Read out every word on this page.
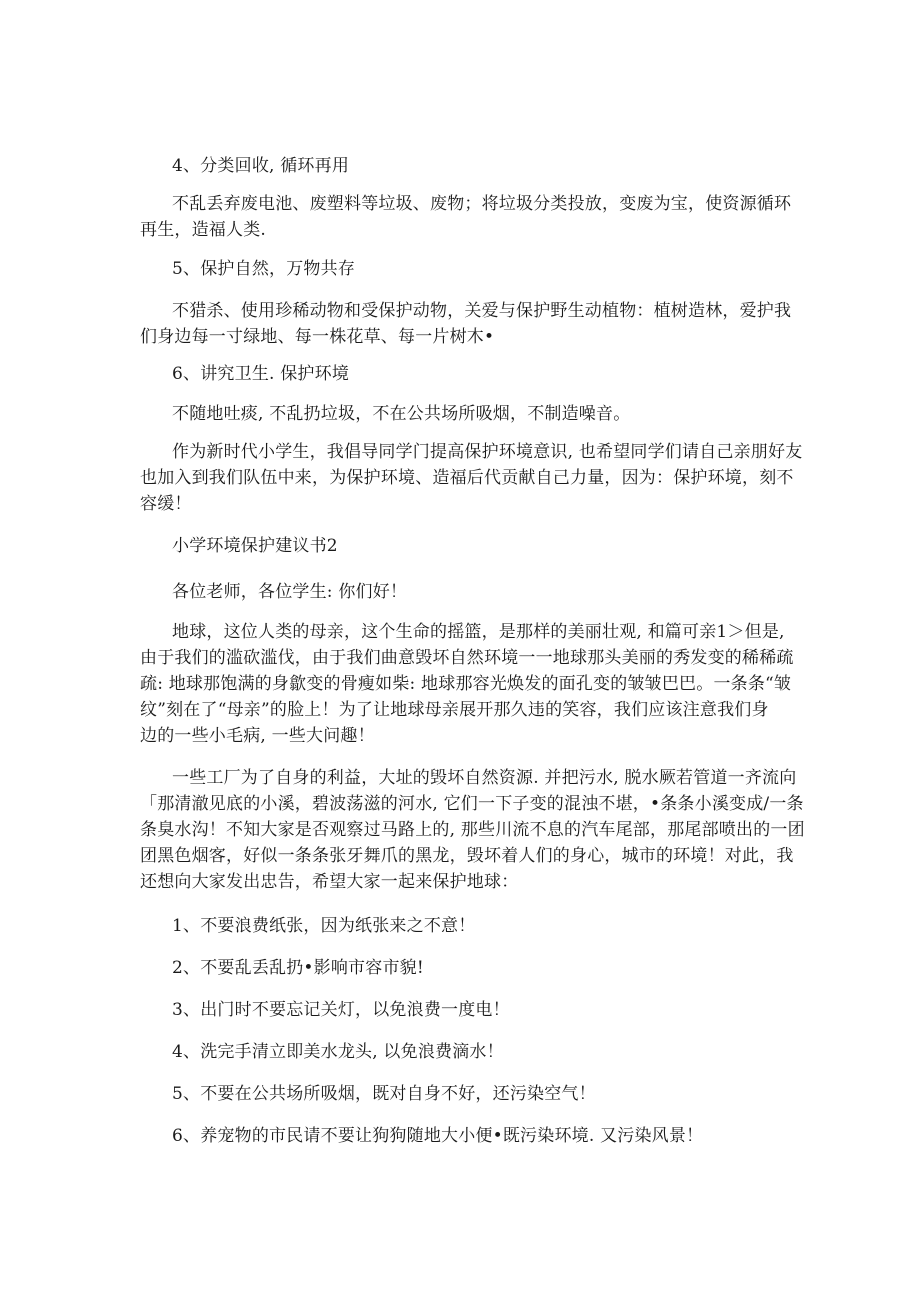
4、分类回收, 循环再用
不乱丢弃废电池、废塑料等垃圾、废物；将垃圾分类投放，变废为宝，使资源循环
再生，造福人类.
5、保护自然，万物共存
不猎杀、使用珍稀动物和受保护动物，关爱与保护野生动植物：植树造林，爱护我
们身边每一寸绿地、每一株花草、每一片树木•
6、讲究卫生. 保护环境
不随地吐痰, 不乱扔垃圾，不在公共场所吸烟，不制造噪音。
作为新时代小学生，我倡导同学门提高保护环境意识, 也希望同学们请自己亲朋好友
也加入到我们队伍中来，为保护环境、造福后代贡献自己力量，因为：保护环境，刻不
容缓！
小学环境保护建议书2
各位老师，各位学生: 你们好！
地球，这位人类的母亲，这个生命的摇篮，是那样的美丽壮观, 和篇可亲1＞但是,
由于我们的滥砍滥伐，由于我们曲意毁坏自然环境一一地球那头美丽的秀发变的稀稀疏
疏: 地球那饱满的身歙变的骨瘦如柴: 地球那容光焕发的面孔变的皱皱巴巴。一条条“皱
纹”刻在了“母亲”的脸上！为了让地球母亲展开那久违的笑容，我们应该注意我们身
边的一些小毛病, 一些大问趣！
一些工厂为了自身的利益，大址的毁坏自然资源. 并把污水, 脱水厥若管道一齐流向
「那清澈见底的小溪，碧波荡滋的河水, 它们一下子变的混浊不堪，•条条小溪变成/一条
条臭水沟！不知大家是否观察过马路上的, 那些川流不息的汽车尾部，那尾部喷出的一团
团黑色烟客，好似一条条张牙舞爪的黑龙，毁坏着人们的身心，城市的环境！对此，我
还想向大家发出忠告，希望大家一起来保护地球：
1、不要浪费纸张，因为纸张来之不意！
2、不要乱丢乱扔•影响市容市貌!
3、出门时不要忘记关灯，以免浪费一度电！
4、洗完手清立即美水龙头, 以免浪费滴水！
5、不要在公共场所吸烟，既对自身不好，还污染空气！
6、养宠物的市民请不要让狗狗随地大小便•既污染环境. 又污染风景！
